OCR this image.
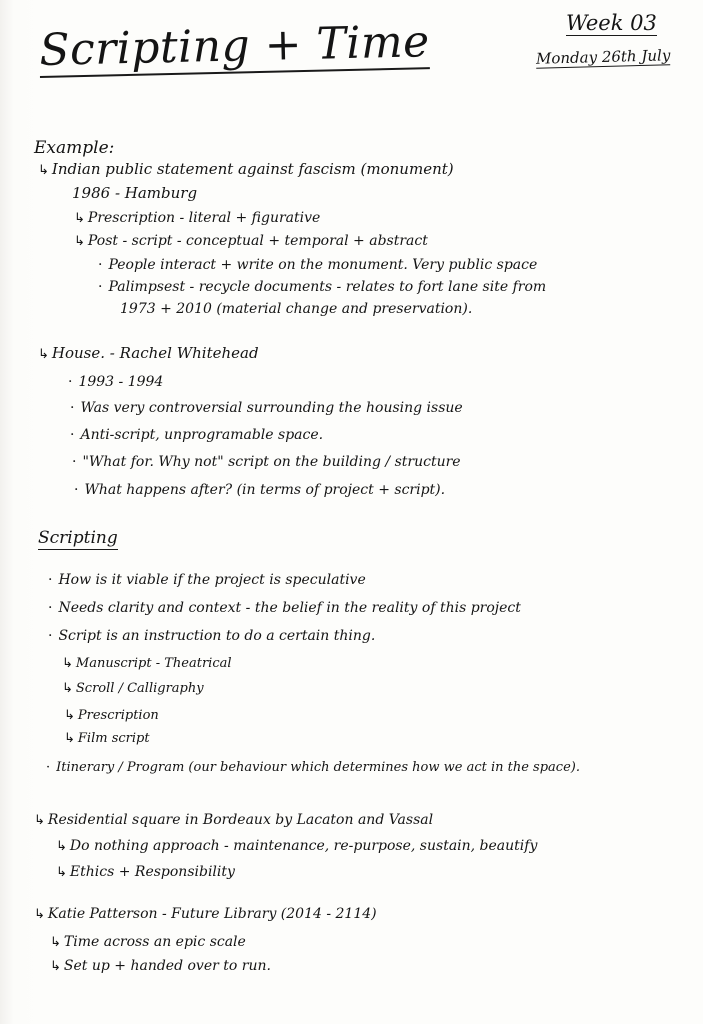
Scripting + Time	Week 03
Monday 26th July
Example:
↳ Indian public statement against fascism (monument)
1986 - Hamburg
↳ Prescription - literal + figurative
↳ Post - script - conceptual + temporal + abstract
· People interact + write on the monument. Very public space
· Palimpsest - recycle documents - relates to fort lane site from
1973 + 2010 (material change and preservation).
↳ House. - Rachel Whitehead
· 1993 - 1994
· Was very controversial surrounding the housing issue
· Anti-script, unprogramable space.
· "What for. Why not" script on the building / structure
· What happens after? (in terms of project + script).
Scripting
· How is it viable if the project is speculative
· Needs clarity and context - the belief in the reality of this project
· Script is an instruction to do a certain thing.
↳ Manuscript - Theatrical
↳ Scroll / Calligraphy
↳ Prescription
↳ Film script
· Itinerary / Program (our behaviour which determines how we act in the space).
↳ Residential square in Bordeaux by Lacaton and Vassal
↳ Do nothing approach - maintenance, re-purpose, sustain, beautify
↳ Ethics + Responsibility
↳ Katie Patterson - Future Library (2014 - 2114)
↳ Time across an epic scale
↳ Set up + handed over to run.
